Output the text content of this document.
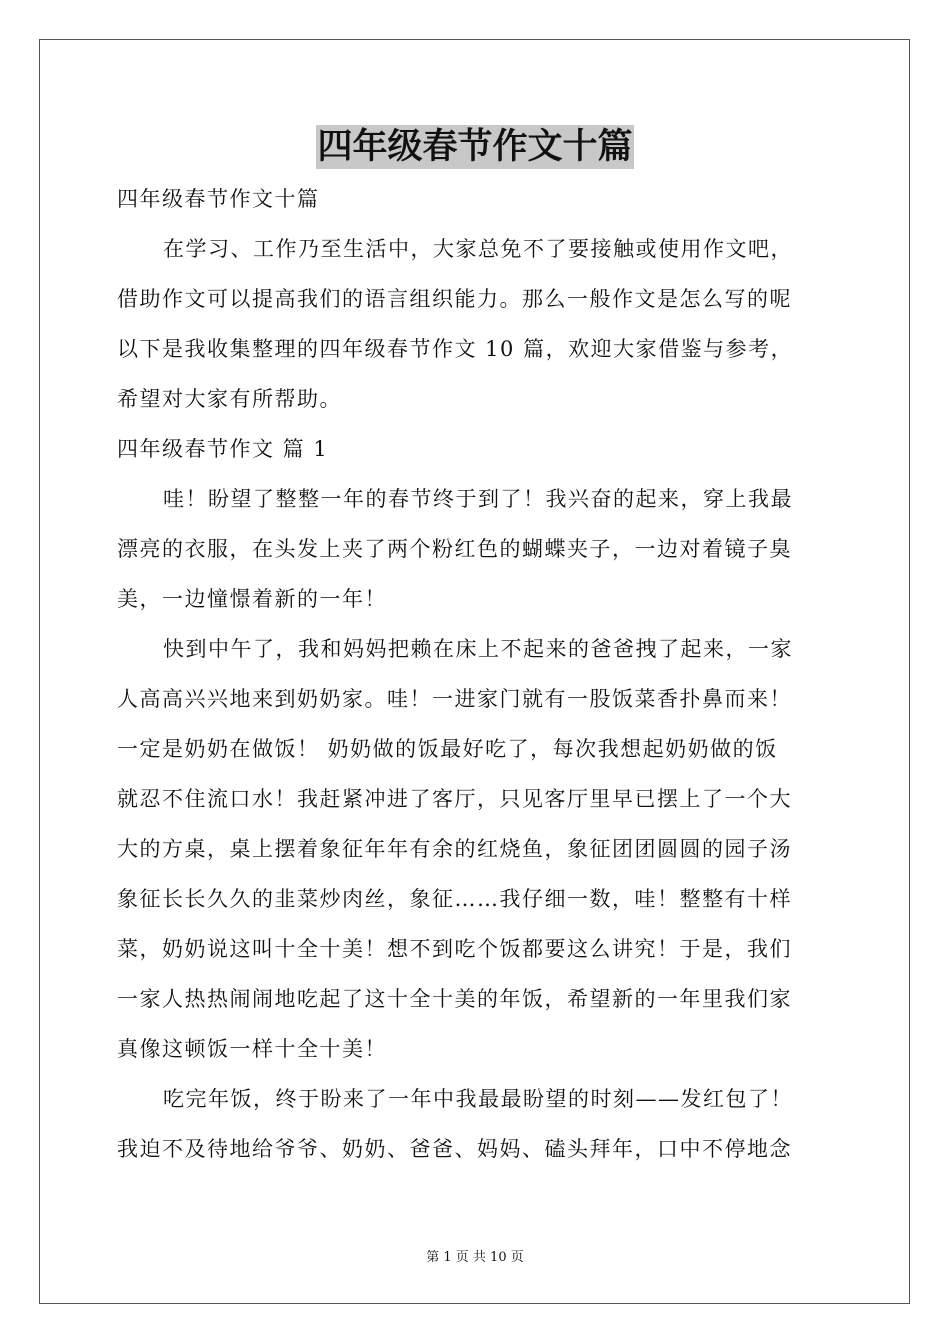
四年级春节作文十篇
四年级春节作文十篇
在学习、工作乃至生活中，大家总免不了要接触或使用作文吧，
借助作文可以提高我们的语言组织能力。那么一般作文是怎么写的呢
以下是我收集整理的四年级春节作文 10 篇，欢迎大家借鉴与参考，
希望对大家有所帮助。
四年级春节作文 篇 1
哇！盼望了整整一年的春节终于到了！我兴奋的起来，穿上我最
漂亮的衣服，在头发上夹了两个粉红色的蝴蝶夹子，一边对着镜子臭
美，一边憧憬着新的一年！
快到中午了，我和妈妈把赖在床上不起来的爸爸拽了起来，一家
人高高兴兴地来到奶奶家。哇！一进家门就有一股饭菜香扑鼻而来！
一定是奶奶在做饭！ 奶奶做的饭最好吃了，每次我想起奶奶做的饭
就忍不住流口水！我赶紧冲进了客厅，只见客厅里早已摆上了一个大
大的方桌，桌上摆着象征年年有余的红烧鱼，象征团团圆圆的园子汤
象征长长久久的韭菜炒肉丝，象征……我仔细一数，哇！整整有十样
菜，奶奶说这叫十全十美！想不到吃个饭都要这么讲究！于是，我们
一家人热热闹闹地吃起了这十全十美的年饭，希望新的一年里我们家
真像这顿饭一样十全十美！
吃完年饭，终于盼来了一年中我最最盼望的时刻——发红包了！
我迫不及待地给爷爷、奶奶、爸爸、妈妈、磕头拜年，口中不停地念
第 1 页 共 10 页
